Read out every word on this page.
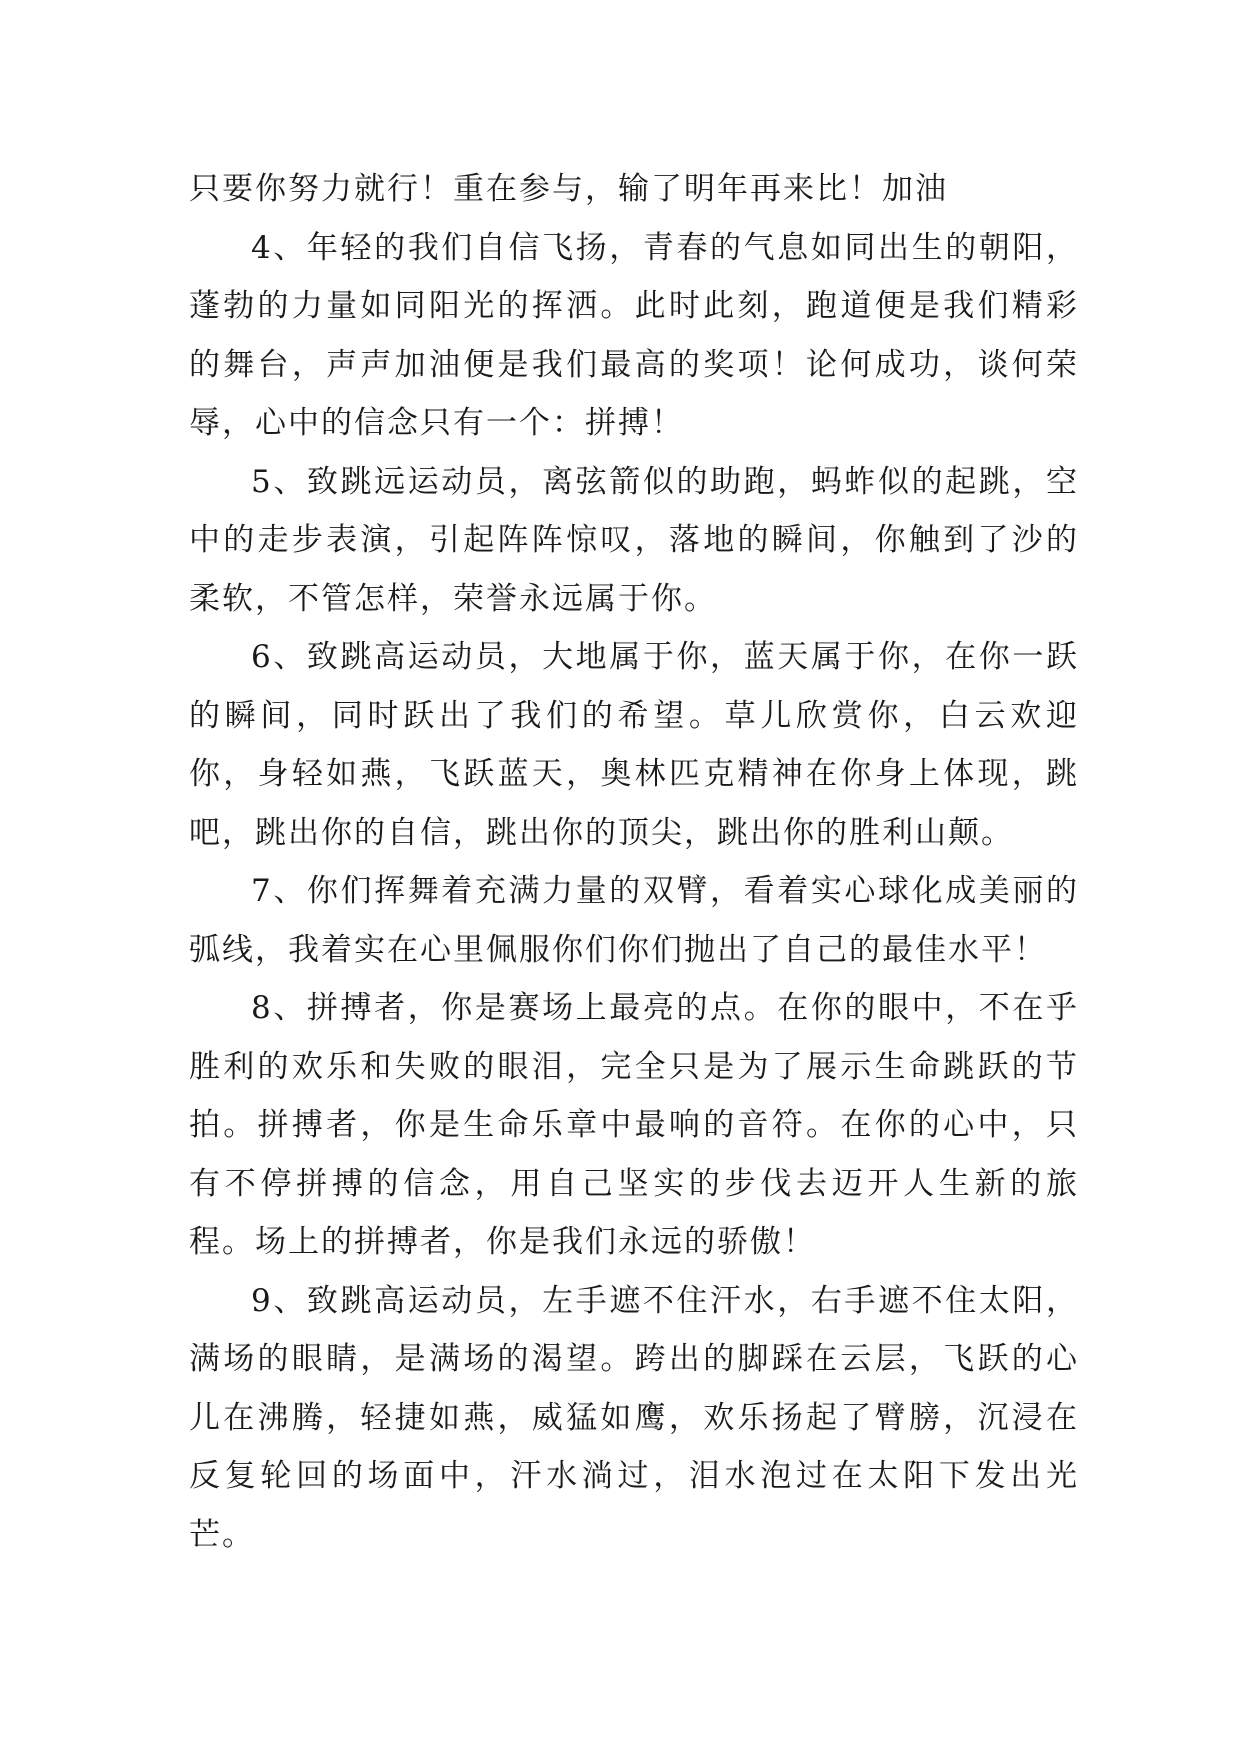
只要你努力就行！重在参与，输了明年再来比！加油

4、年轻的我们自信飞扬，青春的气息如同出生的朝阳，蓬勃的力量如同阳光的挥洒。此时此刻，跑道便是我们精彩的舞台，声声加油便是我们最高的奖项！论何成功，谈何荣辱，心中的信念只有一个：拼搏！

5、致跳远运动员，离弦箭似的助跑，蚂蚱似的起跳，空中的走步表演，引起阵阵惊叹，落地的瞬间，你触到了沙的柔软，不管怎样，荣誉永远属于你。

6、致跳高运动员，大地属于你，蓝天属于你，在你一跃的瞬间，同时跃出了我们的希望。草儿欣赏你，白云欢迎你，身轻如燕，飞跃蓝天，奥林匹克精神在你身上体现，跳吧，跳出你的自信，跳出你的顶尖，跳出你的胜利山颠。

7、你们挥舞着充满力量的双臂，看着实心球化成美丽的弧线，我着实在心里佩服你们你们抛出了自己的最佳水平！

8、拼搏者，你是赛场上最亮的点。在你的眼中，不在乎胜利的欢乐和失败的眼泪，完全只是为了展示生命跳跃的节拍。拼搏者，你是生命乐章中最响的音符。在你的心中，只有不停拼搏的信念，用自己坚实的步伐去迈开人生新的旅程。场上的拼搏者，你是我们永远的骄傲！

9、致跳高运动员，左手遮不住汗水，右手遮不住太阳，满场的眼睛，是满场的渴望。跨出的脚踩在云层，飞跃的心儿在沸腾，轻捷如燕，威猛如鹰，欢乐扬起了臂膀，沉浸在反复轮回的场面中，汗水淌过，泪水泡过在太阳下发出光芒。
